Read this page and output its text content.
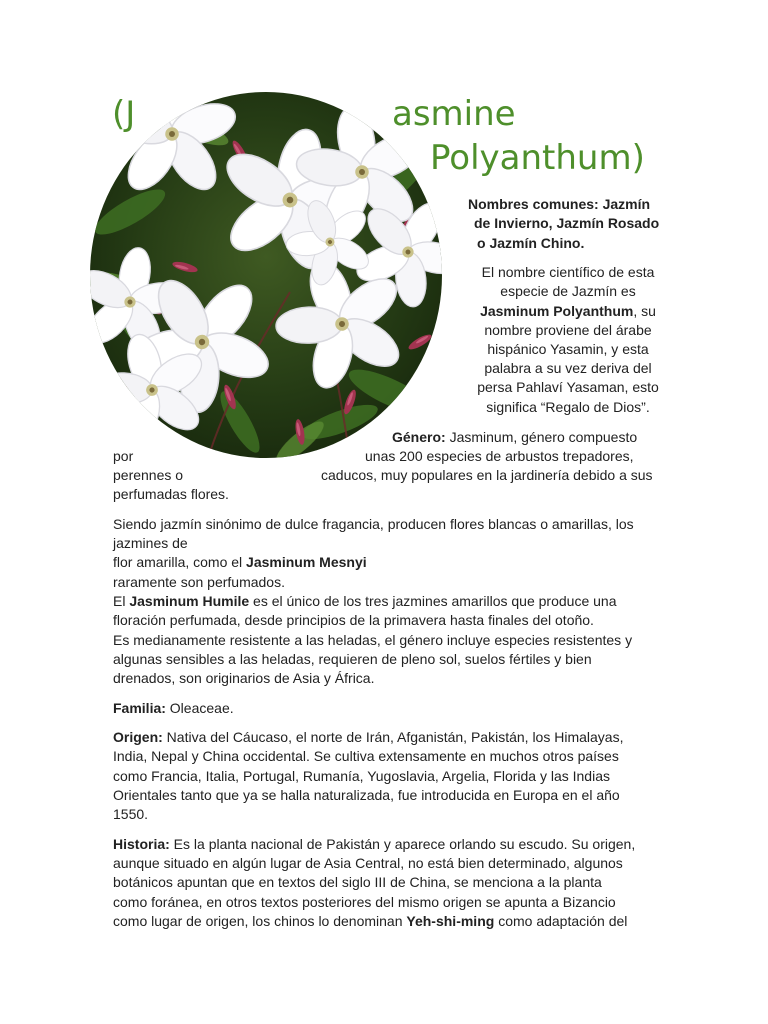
(J	asmine
Polyanthum)
Nombres comunes: Jazmín
de Invierno, Jazmín Rosado
o Jazmín Chino.
El nombre científico de esta
especie de Jazmín es
Jasminum Polyanthum, su
nombre proviene del árabe
hispánico Yasamin, y esta
palabra a su vez deriva del
persa Pahlaví Yasaman, esto
significa “Regalo de Dios”.
Género: Jasminum, género compuesto
por	unas 200 especies de arbustos trepadores,
perennes o	caducos, muy populares en la jardinería debido a sus
perfumadas flores.
Siendo jazmín sinónimo de dulce fragancia, producen flores blancas o amarillas, los
jazmines de
flor amarilla, como el Jasminum Mesnyi
raramente son perfumados.
El Jasminum Humile es el único de los tres jazmines amarillos que produce una
floración perfumada, desde principios de la primavera hasta finales del otoño.
Es medianamente resistente a las heladas, el género incluye especies resistentes y
algunas sensibles a las heladas, requieren de pleno sol, suelos fértiles y bien
drenados, son originarios de Asia y África.
Familia: Oleaceae.
Origen: Nativa del Cáucaso, el norte de Irán, Afganistán, Pakistán, los Himalayas,
India, Nepal y China occidental. Se cultiva extensamente en muchos otros países
como Francia, Italia, Portugal, Rumanía, Yugoslavia, Argelia, Florida y las Indias
Orientales tanto que ya se halla naturalizada, fue introducida en Europa en el año
1550.
Historia: Es la planta nacional de Pakistán y aparece orlando su escudo. Su origen,
aunque situado en algún lugar de Asia Central, no está bien determinado, algunos
botánicos apuntan que en textos del siglo III de China, se menciona a la planta
como foránea, en otros textos posteriores del mismo origen se apunta a Bizancio
como lugar de origen, los chinos lo denominan Yeh-shi-ming como adaptación del
